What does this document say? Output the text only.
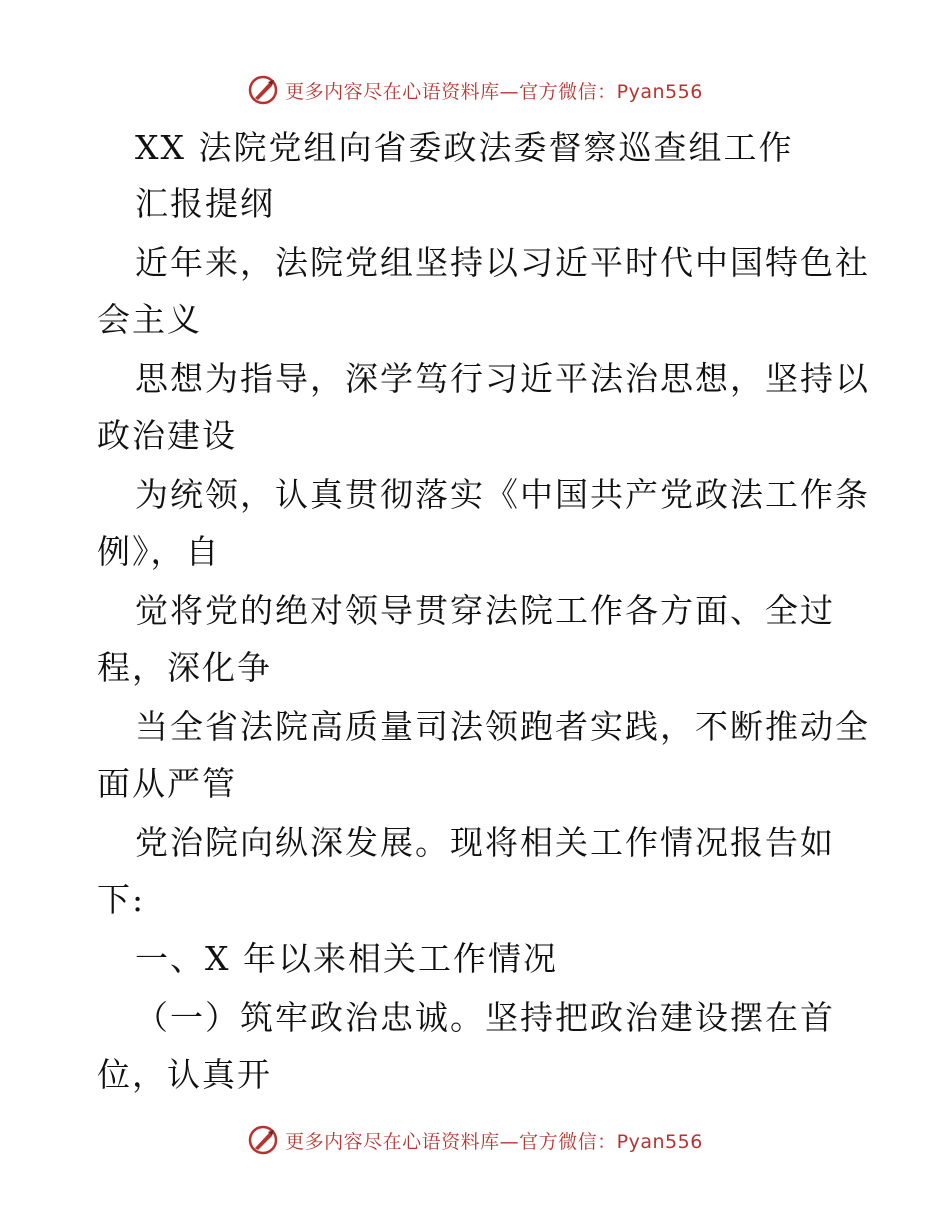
更多内容尽在心语资料库—官方微信：Pyan556
XX 法院党组向省委政法委督察巡查组工作
汇报提纲
近年来，法院党组坚持以习近平时代中国特色社
会主义
思想为指导，深学笃行习近平法治思想，坚持以
政治建设
为统领，认真贯彻落实《中国共产党政法工作条
例》，自
觉将党的绝对领导贯穿法院工作各方面、全过
程，深化争
当全省法院高质量司法领跑者实践，不断推动全
面从严管
党治院向纵深发展。现将相关工作情况报告如
下:
一、X 年以来相关工作情况
（一）筑牢政治忠诚。坚持把政治建设摆在首
位，认真开
更多内容尽在心语资料库—官方微信：Pyan556
